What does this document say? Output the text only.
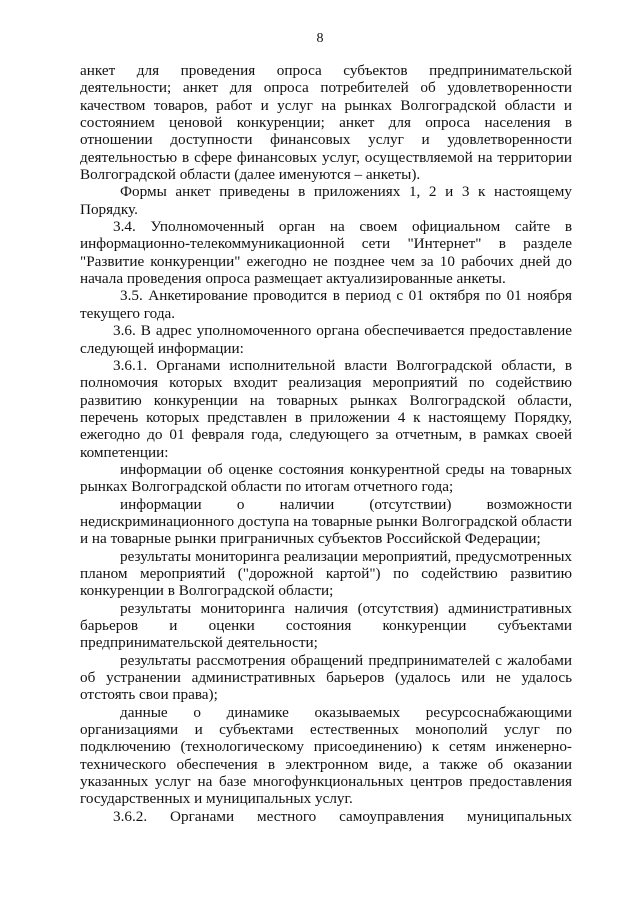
8

анкет для проведения опроса субъектов предпринимательской деятельности; анкет для опроса потребителей об удовлетворенности качеством товаров, работ и услуг на рынках Волгоградской области и состоянием ценовой конкуренции; анкет для опроса населения в отношении доступности финансовых услуг и удовлетворенности деятельностью в сфере финансовых услуг, осуществляемой на территории Волгоградской области (далее именуются – анкеты).

Формы анкет приведены в приложениях 1, 2 и 3 к настоящему Порядку.

3.4. Уполномоченный орган на своем официальном сайте в информационно-телекоммуникационной сети "Интернет" в разделе "Развитие конкуренции" ежегодно не позднее чем за 10 рабочих дней до начала проведения опроса размещает актуализированные анкеты.

3.5. Анкетирование проводится в период с 01 октября по 01 ноября текущего года.

3.6. В адрес уполномоченного органа обеспечивается предоставление следующей информации:

3.6.1. Органами исполнительной власти Волгоградской области, в полномочия которых входит реализация мероприятий по содействию развитию конкуренции на товарных рынках Волгоградской области, перечень которых представлен в приложении 4 к настоящему Порядку, ежегодно до 01 февраля года, следующего за отчетным, в рамках своей компетенции:

информации об оценке состояния конкурентной среды на товарных рынках Волгоградской области по итогам отчетного года;

информации о наличии (отсутствии) возможности недискриминационного доступа на товарные рынки Волгоградской области и на товарные рынки приграничных субъектов Российской Федерации;

результаты мониторинга реализации мероприятий, предусмотренных планом мероприятий ("дорожной картой") по содействию развитию конкуренции в Волгоградской области;

результаты мониторинга наличия (отсутствия) административных барьеров и оценки состояния конкуренции субъектами предпринимательской деятельности;

результаты рассмотрения обращений предпринимателей с жалобами об устранении административных барьеров (удалось или не удалось отстоять свои права);

данные о динамике оказываемых ресурсоснабжающими организациями и субъектами естественных монополий услуг по подключению (технологическому присоединению) к сетям инженерно-технического обеспечения в электронном виде, а также об оказании указанных услуг на базе многофункциональных центров предоставления государственных и муниципальных услуг.

3.6.2. Органами местного самоуправления муниципальных
